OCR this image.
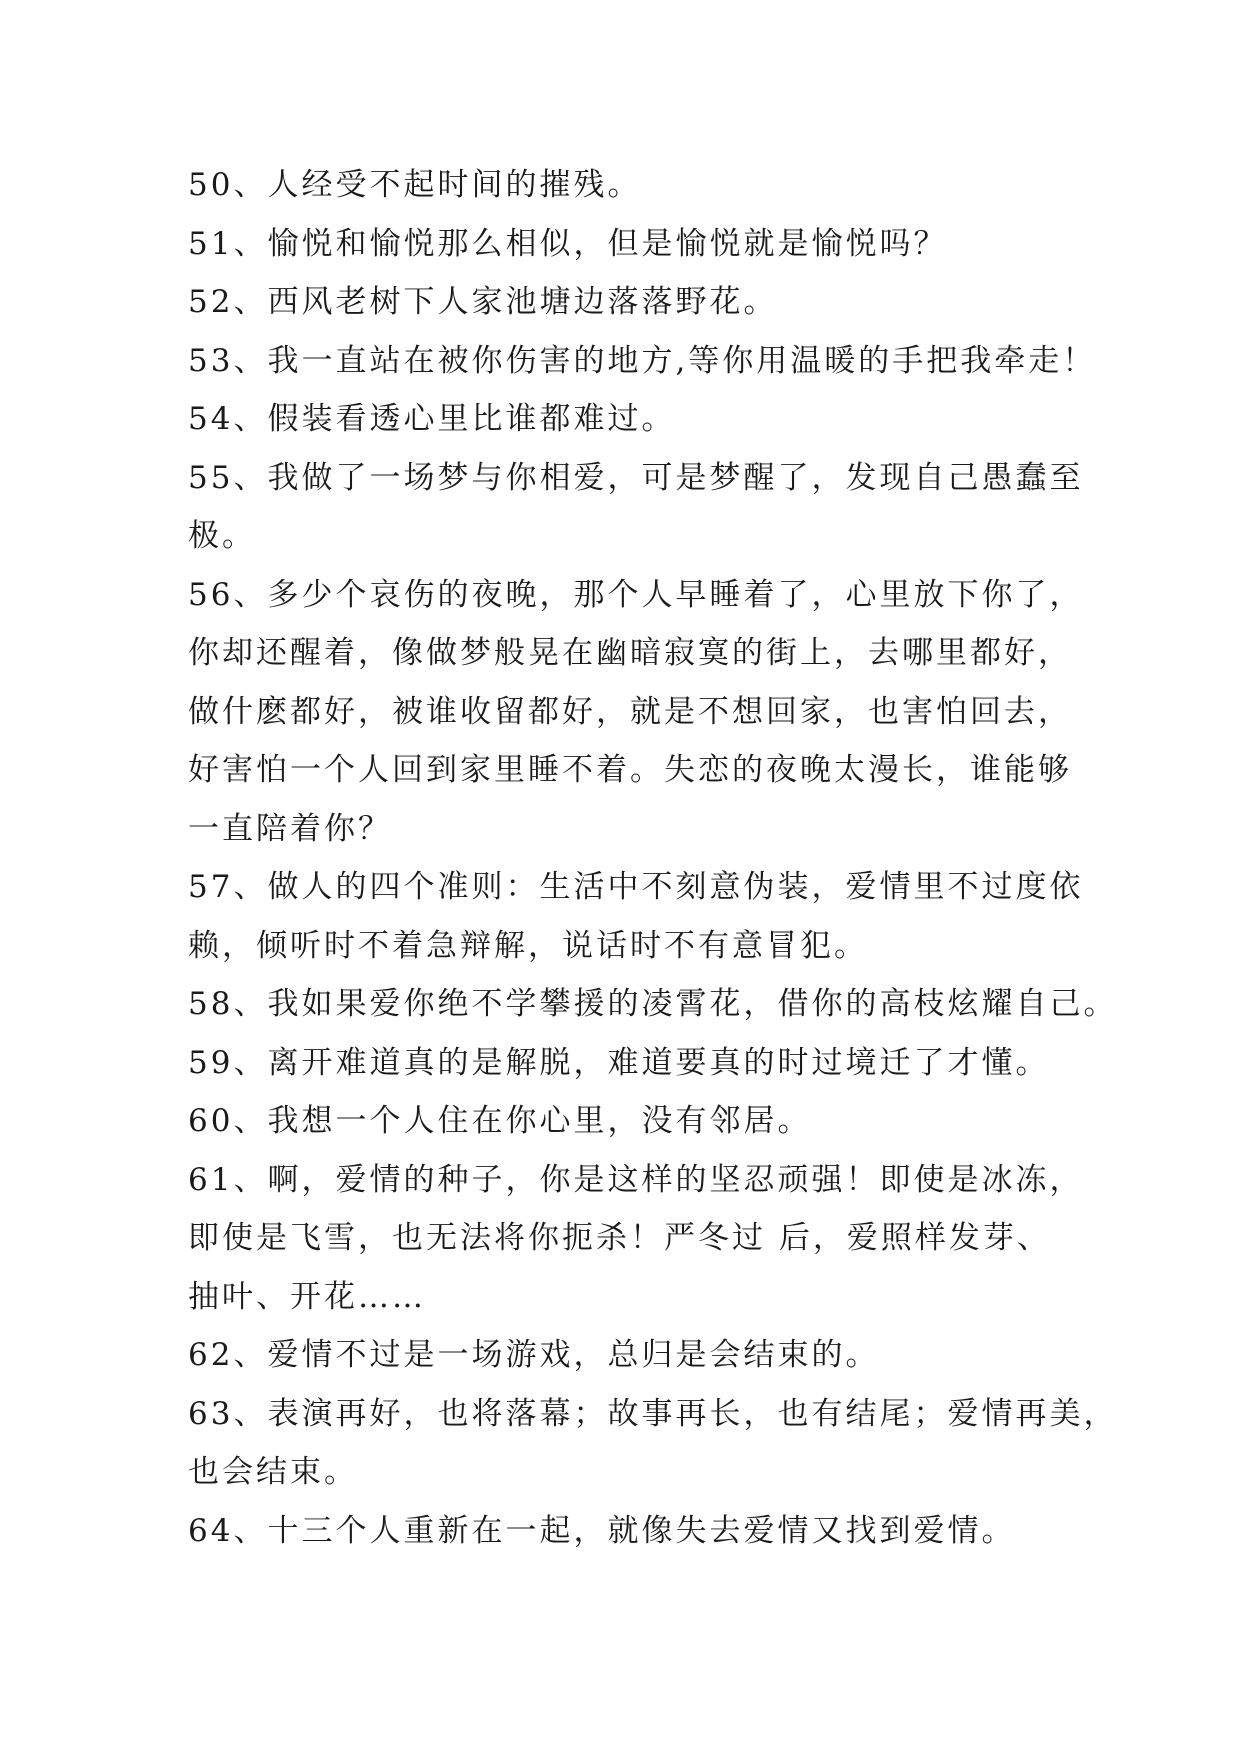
50、人经受不起时间的摧残。
51、愉悦和愉悦那么相似，但是愉悦就是愉悦吗？
52、西风老树下人家池塘边落落野花。
53、我一直站在被你伤害的地方,等你用温暖的手把我牵走！
54、假装看透心里比谁都难过。
55、我做了一场梦与你相爱，可是梦醒了，发现自己愚蠢至
极。
56、多少个哀伤的夜晚，那个人早睡着了，心里放下你了，
你却还醒着，像做梦般晃在幽暗寂寞的街上，去哪里都好，
做什麽都好，被谁收留都好，就是不想回家，也害怕回去，
好害怕一个人回到家里睡不着。失恋的夜晚太漫长，谁能够
一直陪着你？
57、做人的四个准则：生活中不刻意伪装，爱情里不过度依
赖，倾听时不着急辩解，说话时不有意冒犯。
58、我如果爱你绝不学攀援的凌霄花，借你的高枝炫耀自己。
59、离开难道真的是解脱，难道要真的时过境迁了才懂。
60、我想一个人住在你心里，没有邻居。
61、啊，爱情的种子，你是这样的坚忍顽强！即使是冰冻，
即使是飞雪，也无法将你扼杀！严冬过 后，爱照样发芽、
抽叶、开花……
62、爱情不过是一场游戏，总归是会结束的。
63、表演再好，也将落幕；故事再长，也有结尾；爱情再美，
也会结束。
64、十三个人重新在一起，就像失去爱情又找到爱情。
